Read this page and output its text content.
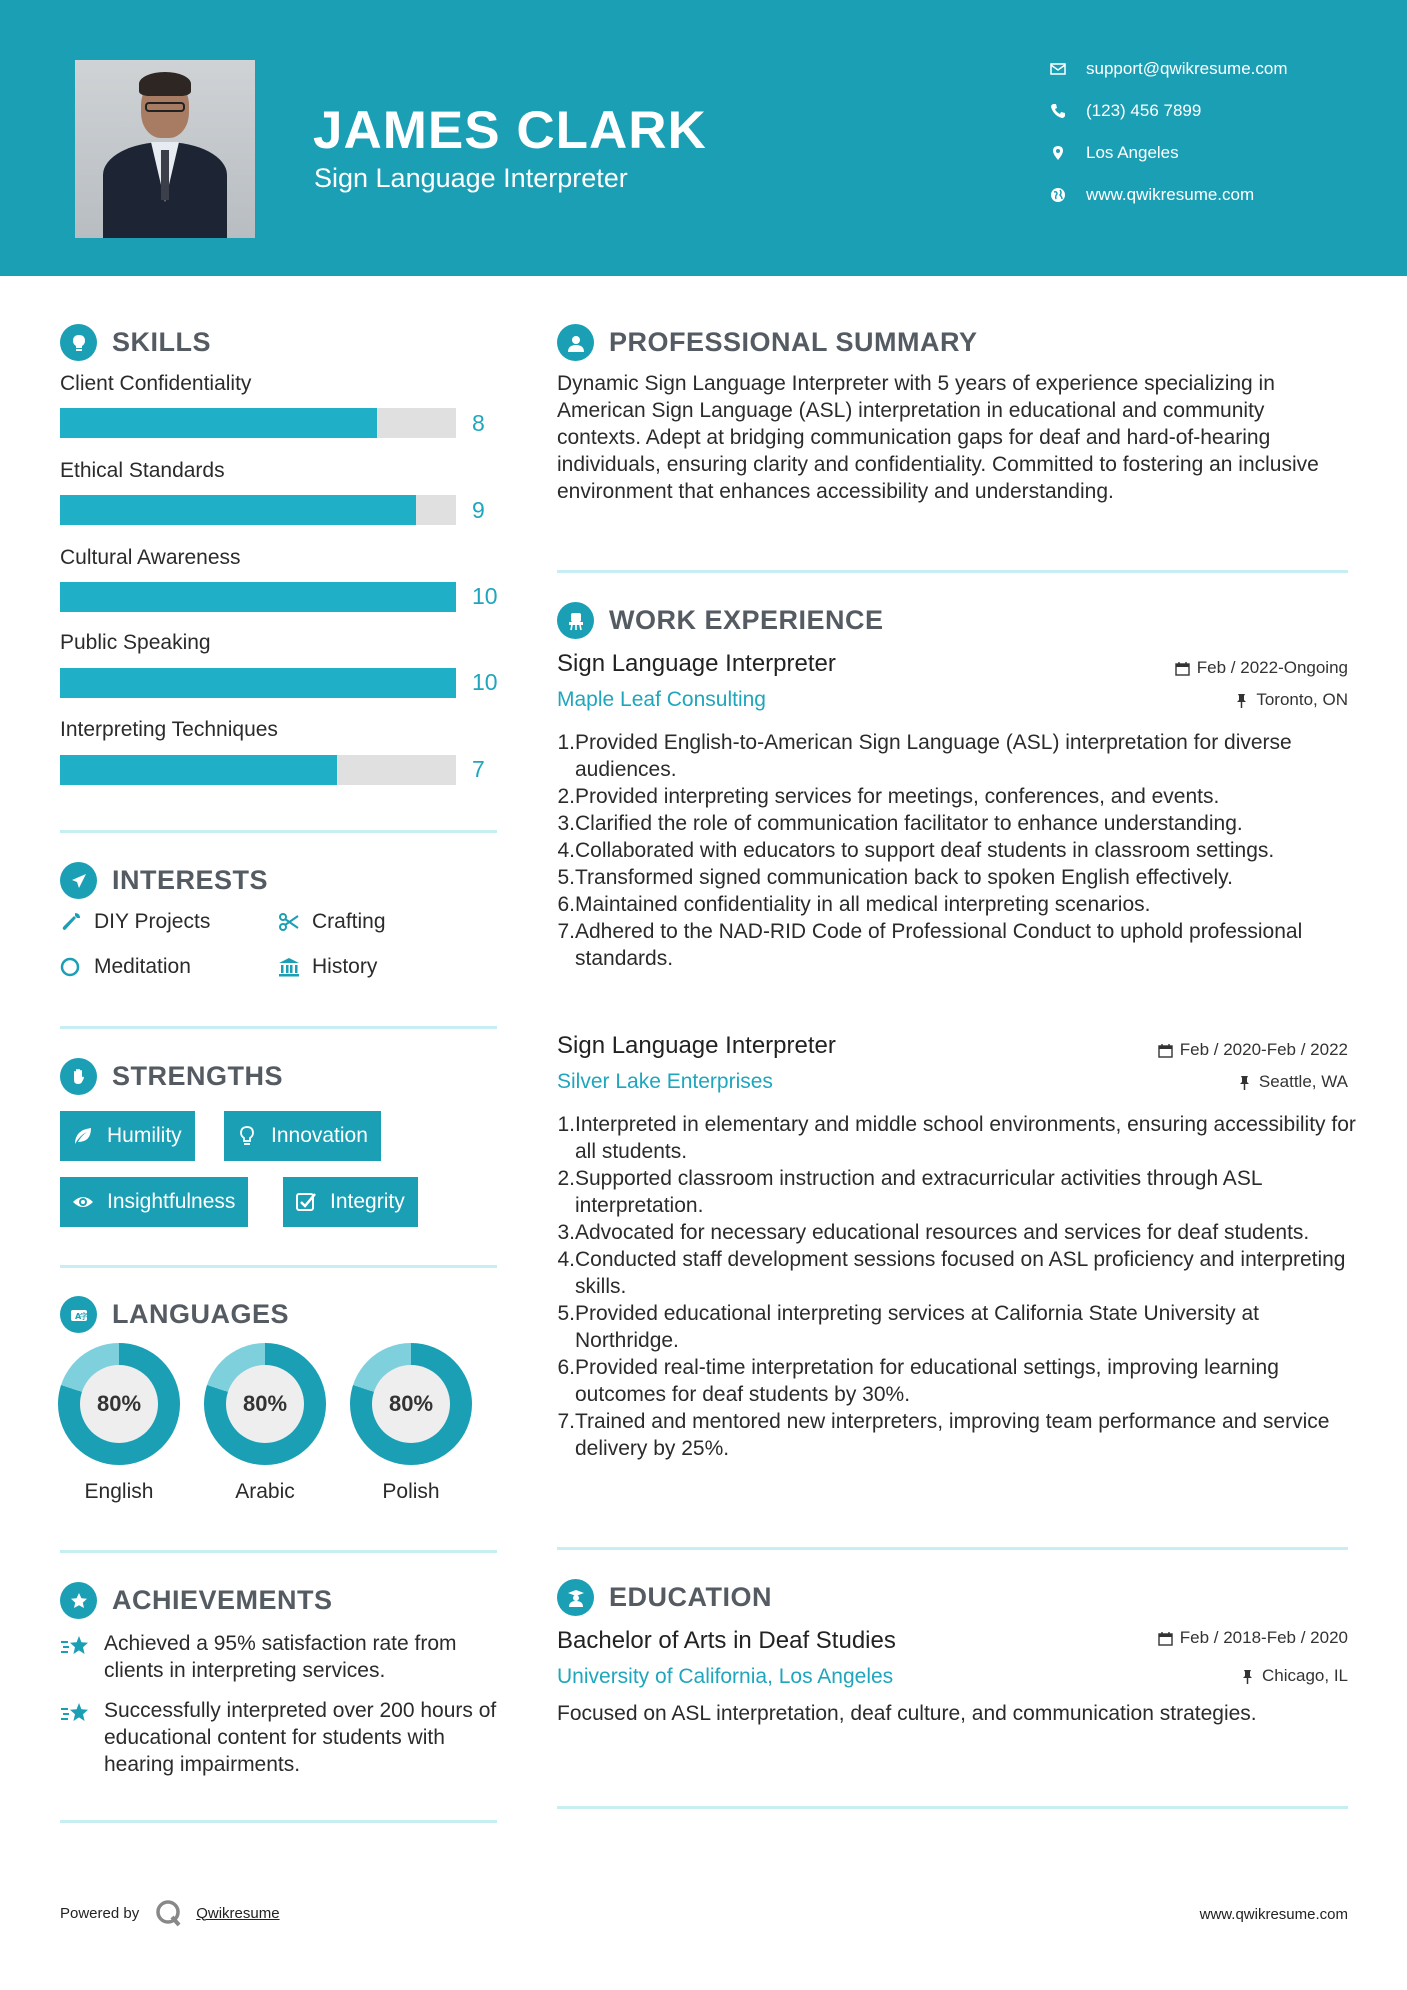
JAMES CLARK
Sign Language Interpreter
support@qwikresume.com
(123) 456 7899
Los Angeles
www.qwikresume.com
SKILLS
Client Confidentiality
8
Ethical Standards
9
Cultural Awareness
10
Public Speaking
10
Interpreting Techniques
7
INTERESTS
DIY Projects	Crafting
Meditation	History
STRENGTHS
Humility	Innovation
Insightfulness	Integrity
A
字 LANGUAGES
80%	80%	80%
English	Arabic	Polish
ACHIEVEMENTS
Achieved a 95% satisfaction rate from clients in interpreting services.
Successfully interpreted over 200 hours of educational content for students with hearing impairments.
PROFESSIONAL SUMMARY
Dynamic Sign Language Interpreter with 5 years of experience specializing in American Sign Language (ASL) interpretation in educational and community contexts. Adept at bridging communication gaps for deaf and hard-of-hearing individuals, ensuring clarity and confidentiality. Committed to fostering an inclusive environment that enhances accessibility and understanding.
WORK EXPERIENCE
Sign Language Interpreter	Feb / 2022-Ongoing
Maple Leaf Consulting	Toronto, ON
1. Provided English-to-American Sign Language (ASL) interpretation for diverse audiences.
2. Provided interpreting services for meetings, conferences, and events.
3. Clarified the role of communication facilitator to enhance understanding.
4. Collaborated with educators to support deaf students in classroom settings.
5. Transformed signed communication back to spoken English effectively.
6. Maintained confidentiality in all medical interpreting scenarios.
7. Adhered to the NAD-RID Code of Professional Conduct to uphold professional standards.
Sign Language Interpreter	Feb / 2020-Feb / 2022
Silver Lake Enterprises	Seattle, WA
1. Interpreted in elementary and middle school environments, ensuring accessibility for all students.
2. Supported classroom instruction and extracurricular activities through ASL interpretation.
3. Advocated for necessary educational resources and services for deaf students.
4. Conducted staff development sessions focused on ASL proficiency and interpreting skills.
5. Provided educational interpreting services at California State University at Northridge.
6. Provided real-time interpretation for educational settings, improving learning outcomes for deaf students by 30%.
7. Trained and mentored new interpreters, improving team performance and service delivery by 25%.
EDUCATION
Bachelor of Arts in Deaf Studies	Feb / 2018-Feb / 2020
University of California, Los Angeles	Chicago, IL
Focused on ASL interpretation, deaf culture, and communication strategies.
Powered by	Qwikresume	www.qwikresume.com
